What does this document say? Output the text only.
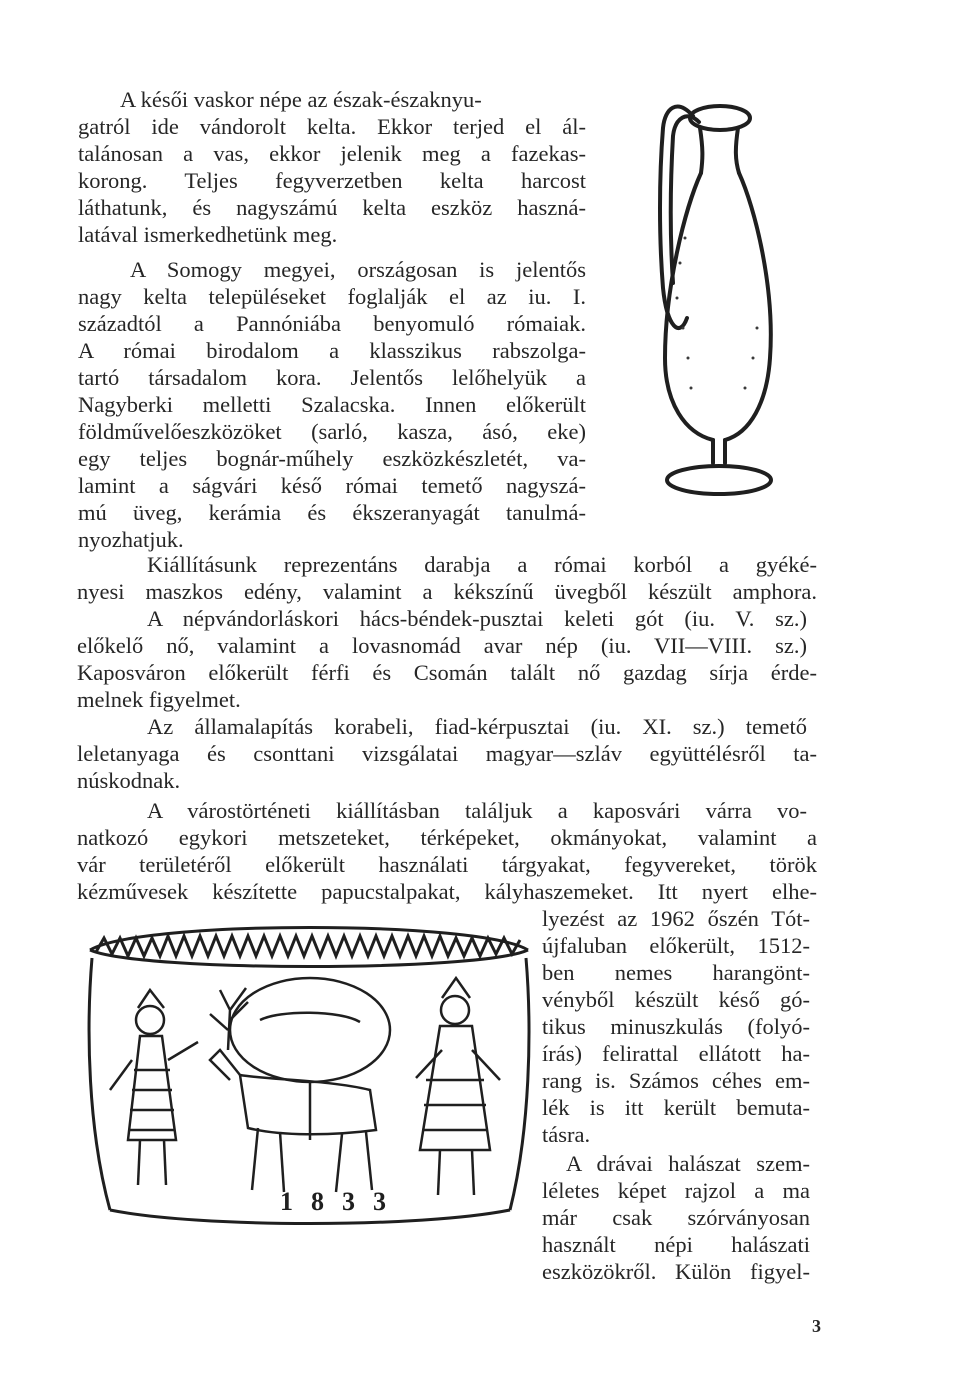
A késői vaskor népe az észak-északnyu-
gatról ide vándorolt kelta. Ekkor terjed el ál-
talánosan a vas, ekkor jelenik meg a fazekas-
korong. Teljes fegyverzetben kelta harcost
láthatunk, és nagyszámú kelta eszköz haszná-
latával ismerkedhetünk meg.
A Somogy megyei, országosan is jelentős
nagy kelta településeket foglalják el az iu. I.
századtól a Pannóniába benyomuló rómaiak.
A római birodalom a klasszikus rabszolga-
tartó társadalom kora. Jelentős lelőhelyük a
Nagyberki melletti Szalacska. Innen előkerült
földművelőeszközöket (sarló, kasza, ásó, eke)
egy teljes bognár-műhely eszközkészletét, va-
lamint a ságvári késő római temető nagyszá-
mú üveg, kerámia és ékszeranyagát tanulmá-
nyozhatjuk.
Kiállításunk reprezentáns darabja a római korból a gyéké-
nyesi maszkos edény, valamint a kékszínű üvegből készült amphora.
A népvándorláskori hács-béndek-pusztai keleti gót (iu. V. sz.)
előkelő nő, valamint a lovasnomád avar nép (iu. VII—VIII. sz.)
Kaposváron előkerült férfi és Csomán talált nő gazdag sírja érde-
melnek figyelmet.
Az államalapítás korabeli, fiad-kérpusztai (iu. XI. sz.) temető
leletanyaga és csonttani vizsgálatai magyar—szláv együttélésről ta-
núskodnak.
A várostörténeti kiállításban találjuk a kaposvári várra vo-
natkozó egykori metszeteket, térképeket, okmányokat, valamint a
vár területéről előkerült használati tárgyakat, fegyvereket, török
kézművesek készítette papucstalpakat, kályhaszemeket. Itt nyert elhe-
1833
lyezést az 1962 őszén Tót-
újfaluban előkerült, 1512-
ben nemes harangönt-
vényből készült késő gó-
tikus minuszkulás (folyó-
írás) felirattal ellátott ha-
rang is. Számos céhes em-
lék is itt került bemuta-
tásra.
A drávai halászat szem-
léletes képet rajzol a ma
már csak szórványosan
használt népi halászati
eszközökről. Külön figyel-
3
